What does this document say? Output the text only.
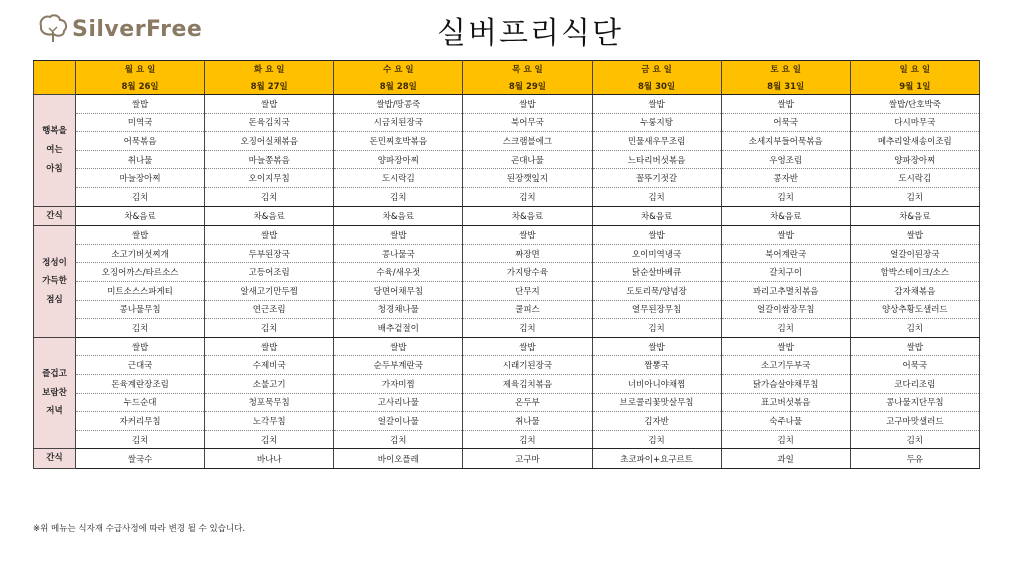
SilverFree	실버프리식단
	월 요 일	화 요 일	수 요 일	목 요 일	금 요 일	토 요 일	일 요 일
	8월 26일	8월 27일	8월 28일	8월 29일	8월 30일	8월 31일	9월 1일
행복을
여는
아침	쌀밥	쌀밥	쌀밥/땅콩죽	쌀밥	쌀밥	쌀밥	쌀밥/단호박죽
	미역국	돈육김치국	시금치된장국	북어무국	누룽지탕	어묵국	다시마무국
	어묵볶음	오징어실채볶음	돈민찌호박볶음	스크램블에그	민물새우무조림	소세지부들어묵볶음	메추리알새송이조림
	취나물	마늘쫑볶음	양파장아찌	곤대나물	느타리버섯볶음	우엉조림	양파장아찌
	마늘장아찌	오이지무침	도시락김	된장깻잎지	꼴뚜기젓갈	콩자반	도시락김
	김치	김치	김치	김치	김치	김치	김치
간식	차&음료	차&음료	차&음료	차&음료	차&음료	차&음료	차&음료
정성이
가득한
점심	쌀밥	쌀밥	쌀밥	쌀밥	쌀밥	쌀밥	쌀밥
	소고기버섯찌개	두부된장국	콩나물국	짜장면	오이미역냉국	북어계란국	얼갈이된장국
	오징어까스/타르소스	고등어조림	수육/새우젓	가지탕수육	닭순살바베큐	갈치구이	함박스테이크/소스
	미트소스스파게티	알새고기만두찜	당면어채무침	단무지	도토리묵/양념장	꽈리고추멸치볶음	감자채볶음
	콩나물무침	연근조림	청경채나물	쿨피스	열무된장무침	얼갈이쌈장무침	양상추황도샐러드
	김치	김치	배추겉절이	김치	김치	김치	김치
즐겁고
보람찬
저녁	쌀밥	쌀밥	쌀밥	쌀밥	쌀밥	쌀밥	쌀밥
	근대국	수제비국	순두부계란국	시래기된장국	짬뽕국	소고기두부국	어묵국
	돈육계란장조림	소불고기	가자미찜	제육김치볶음	너비아니야채찜	닭가슴살야채무침	코다리조림
	누드순대	청포묵무침	고사리나물	온두부	브로콜리꽃맛살무침	표고버섯볶음	콩나물지단무침
	자커리무침	노각무침	얼갈이나물	취나물	김자반	숙주나물	고구마맛샐러드
	김치	김치	김치	김치	김치	김치	김치
간식	쌀국수	바나나	바이오플레	고구마	초코파이+요구르트	과일	두유
※위 메뉴는 식자재 수급사정에 따라 변경 될 수 있습니다.
